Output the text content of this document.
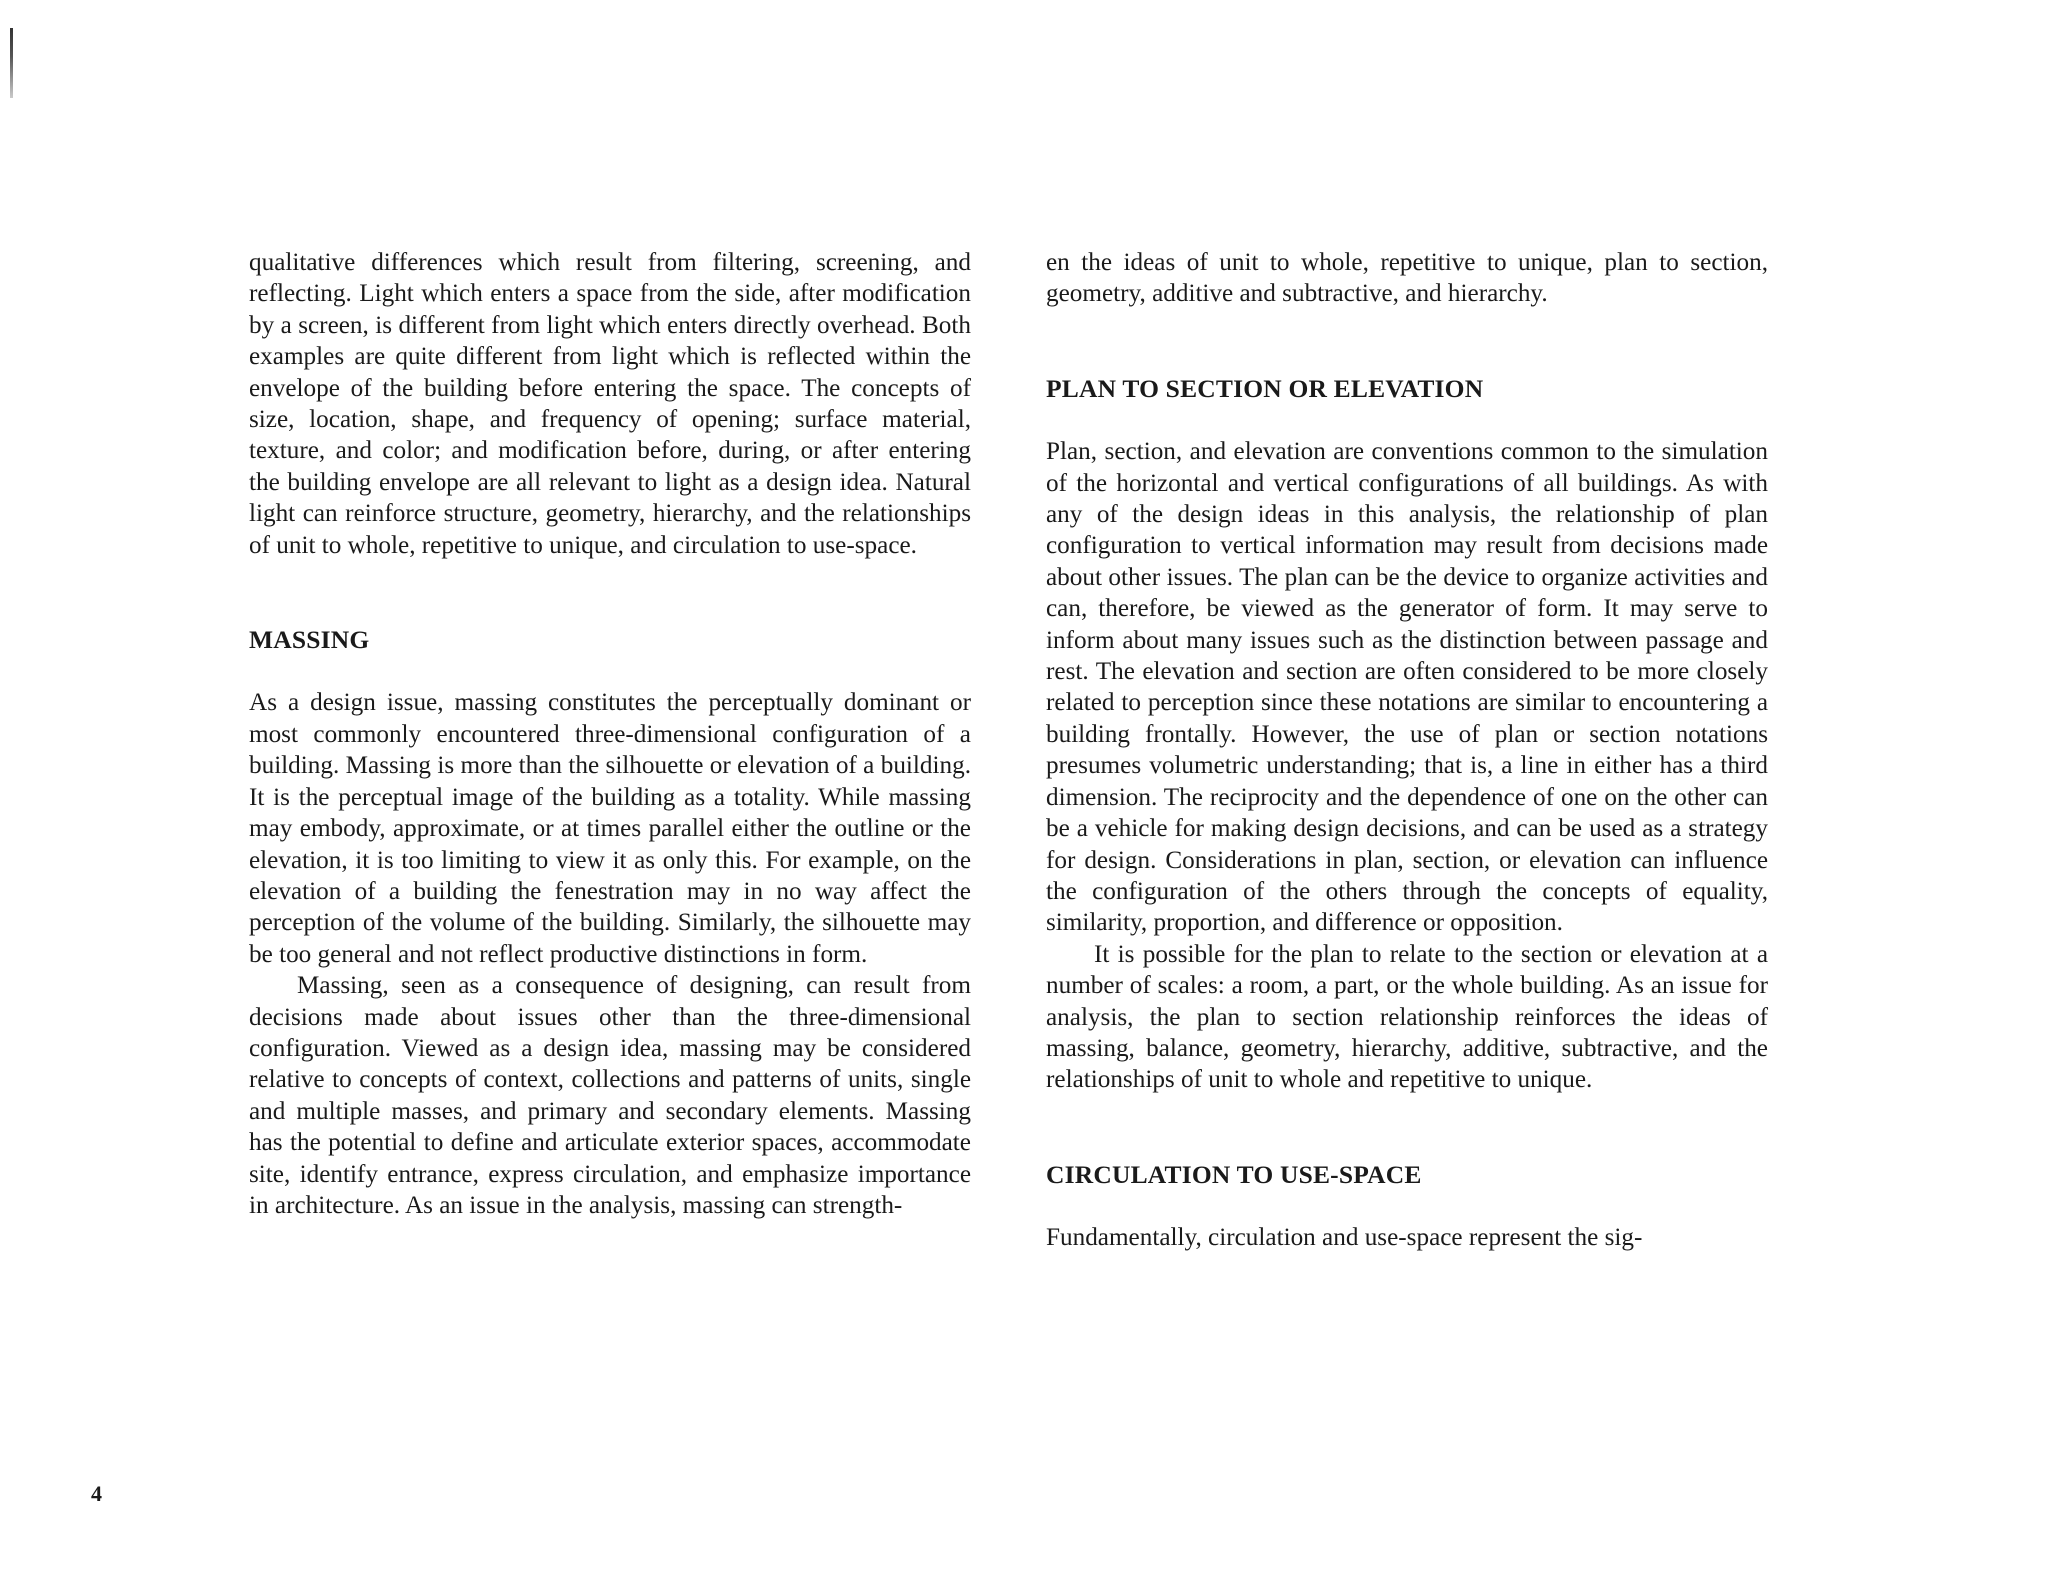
qualitative differences which result from filtering, screening, and reflecting. Light which enters a space from the side, after modification by a screen, is different from light which enters directly overhead. Both examples are quite different from light which is reflected within the envelope of the building before entering the space. The concepts of size, location, shape, and frequency of opening; surface material, texture, and color; and modification before, during, or after entering the building envelope are all relevant to light as a design idea. Natural light can reinforce structure, geometry, hierarchy, and the relationships of unit to whole, repetitive to unique, and circulation to use-space.

MASSING

As a design issue, massing constitutes the perceptually dominant or most commonly encountered three-dimensional configuration of a building. Massing is more than the silhouette or elevation of a building. It is the perceptual image of the building as a totality. While massing may embody, approximate, or at times parallel either the outline or the elevation, it is too limiting to view it as only this. For example, on the elevation of a building the fenestration may in no way affect the perception of the volume of the building. Similarly, the silhouette may be too general and not reflect productive distinctions in form.

Massing, seen as a consequence of designing, can result from decisions made about issues other than the three-dimensional configuration. Viewed as a design idea, massing may be considered relative to concepts of context, collections and patterns of units, single and multiple masses, and primary and secondary elements. Massing has the potential to define and articulate exterior spaces, accommodate site, identify entrance, express circulation, and emphasize importance in architecture. As an issue in the analysis, massing can strength-

en the ideas of unit to whole, repetitive to unique, plan to section, geometry, additive and subtractive, and hierarchy.

PLAN TO SECTION OR ELEVATION

Plan, section, and elevation are conventions common to the simulation of the horizontal and vertical configurations of all buildings. As with any of the design ideas in this analysis, the relationship of plan configuration to vertical information may result from decisions made about other issues. The plan can be the device to organize activities and can, therefore, be viewed as the generator of form. It may serve to inform about many issues such as the distinction between passage and rest. The elevation and section are often considered to be more closely related to perception since these notations are similar to encountering a building frontally. However, the use of plan or section notations presumes volumetric understanding; that is, a line in either has a third dimension. The reciprocity and the dependence of one on the other can be a vehicle for making design decisions, and can be used as a strategy for design. Considerations in plan, section, or elevation can influence the configuration of the others through the concepts of equality, similarity, proportion, and difference or opposition.

It is possible for the plan to relate to the section or elevation at a number of scales: a room, a part, or the whole building. As an issue for analysis, the plan to section relationship reinforces the ideas of massing, balance, geometry, hierarchy, additive, subtractive, and the relationships of unit to whole and repetitive to unique.

CIRCULATION TO USE-SPACE

Fundamentally, circulation and use-space represent the sig-

4
